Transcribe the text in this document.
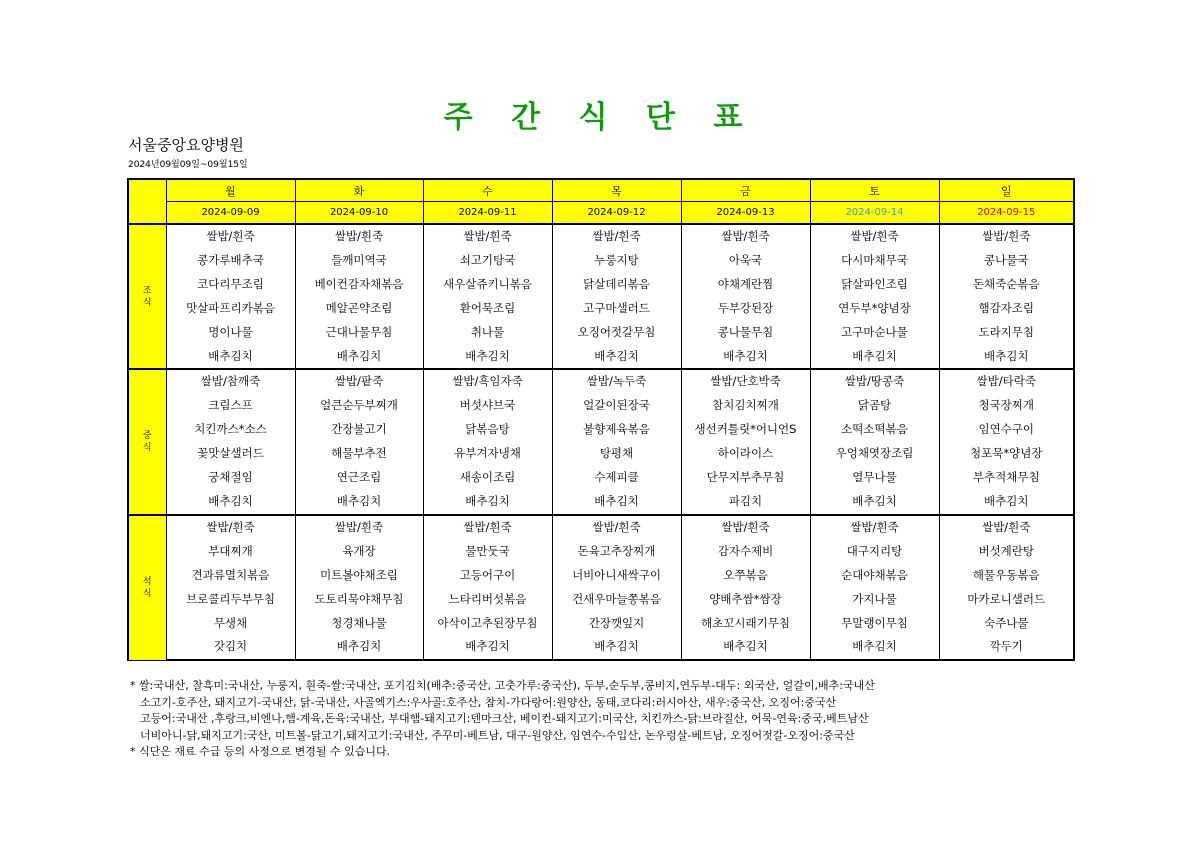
주 간 식 단 표
서울중앙요양병원
2024년09월09일~09월15일
	월	화	수	목	금	토	일
	2024-09-09	2024-09-10	2024-09-11	2024-09-12	2024-09-13	2024-09-14	2024-09-15
조
식	쌀밥/흰죽	쌀밥/흰죽	쌀밥/흰죽	쌀밥/흰죽	쌀밥/흰죽	쌀밥/흰죽	쌀밥/흰죽
	콩가루배추국	들깨미역국	쇠고기탕국	누룽지탕	아욱국	다시마채무국	콩나물국
	코다리무조림	베이컨감자채볶음	새우살쥬키니볶음	닭살데리볶음	야채계란찜	닭살파인조림	돈채죽순볶음
	맛살파프리카볶음	메알곤약조림	환어묵조림	고구마샐러드	두부강된장	연두부*양념장	햄감자조림
	명이나물	근대나물무침	취나물	오징어젓갈무침	콩나물무침	고구마순나물	도라지무침
	배추김치	배추김치	배추김치	배추김치	배추김치	배추김치	배추김치
중
식	쌀밥/참깨죽	쌀밥/팥죽	쌀밥/흑임자죽	쌀밥/녹두죽	쌀밥/단호박죽	쌀밥/땅콩죽	쌀밥/타락죽
	크림스프	얼큰순두부찌개	버섯샤브국	얼갈이된장국	참치김치찌개	닭곰탕	청국장찌개
	치킨까스*소스	간장불고기	닭볶음탕	불향제육볶음	생선커틀릿*어니언S	소떡소떡볶음	임연수구이
	꽃맛살샐러드	해물부추전	유부겨자냉채	탕평채	하이라이스	우엉채엿장조림	청포묵*양념장
	궁채절임	연근조림	새송이조림	수제피클	단무지부추무침	열무나물	부추적채무침
	배추김치	배추김치	배추김치	배추김치	파김치	배추김치	배추김치
석
식	쌀밥/흰죽	쌀밥/흰죽	쌀밥/흰죽	쌀밥/흰죽	쌀밥/흰죽	쌀밥/흰죽	쌀밥/흰죽
	부대찌개	육개장	물만둣국	돈육고추장찌개	감자수제비	대구지리탕	버섯계란탕
	견과류멸치볶음	미트볼야채조림	고등어구이	너비아니새싹구이	오쭈볶음	순대야채볶음	해물우동볶음
	브로콜리두부무침	도토리묵야채무침	느타리버섯볶음	건새우마늘쫑볶음	양배추쌈*쌈장	가지나물	마카로니샐러드
	무생채	청경채나물	아삭이고추된장무침	간장깻잎지	해초꼬시래기무침	무말랭이무침	숙주나물
	갓김치	배추김치	배추김치	배추김치	배추김치	배추김치	깍두기
* 쌀:국내산, 찰흑미:국내산, 누룽지, 흰죽-쌀:국내산, 포기김치(배추:중국산, 고춧가루:중국산), 두부,순두부,콩비지,연두부-대두: 외국산, 얼갈이,배추:국내산
소고기-호주산, 돼지고기-국내산, 닭-국내산, 사골엑기스:우사골:호주산, 참치-가다랑어:원양산, 동태,코다리:러시아산, 새우:중국산, 오징어:중국산
고등어:국내산 ,후랑크,비엔나,햄-계육,돈육:국내산, 부대햄-돼지고기:덴마크산, 베이컨-돼지고기:미국산, 치킨까스-닭:브라질산, 어묵-연육:중국,베트남산
너비아니-닭,돼지고기:국산, 미트볼-닭고기,돼지고기:국내산, 주꾸미-베트남, 대구-원양산, 임연수-수입산, 논우렁살-베트남, 오징어젓갈-오징어:중국산
* 식단은 재료 수급 등의 사정으로 변경될 수 있습니다.
